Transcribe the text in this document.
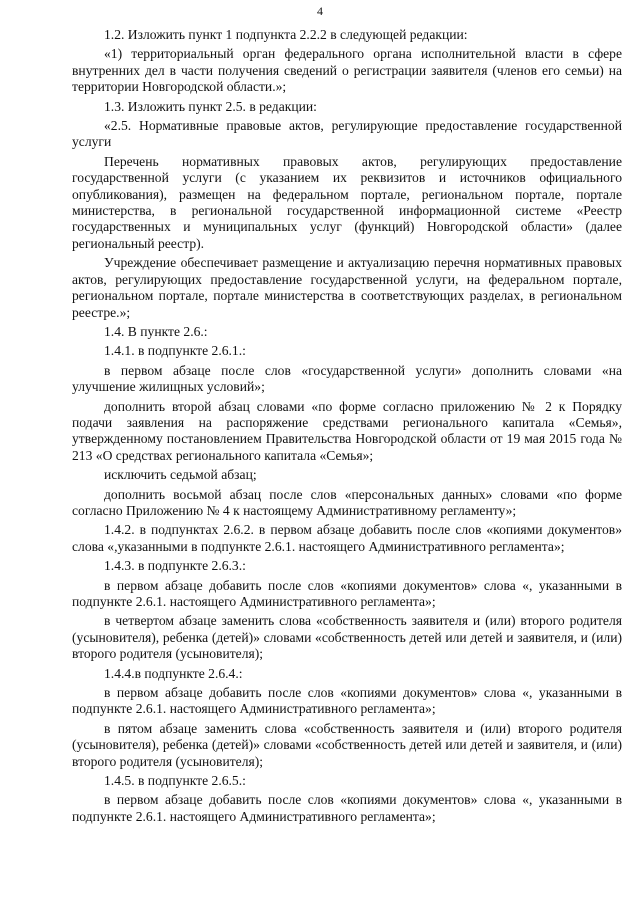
4

1.2. Изложить пункт 1 подпункта 2.2.2 в следующей редакции:

«1) территориальный орган федерального органа исполнительной власти в сфере внутренних дел в части получения сведений о регистрации заявителя (членов его семьи) на территории Новгородской области.»;

1.3. Изложить пункт 2.5. в редакции:

«2.5. Нормативные правовые актов, регулирующие предоставление государственной услуги

Перечень нормативных правовых актов, регулирующих предоставление государственной услуги (с указанием их реквизитов и источников официального опубликования), размещен на федеральном портале, региональном портале, портале министерства, в региональной государственной информационной системе «Реестр государственных и муниципальных услуг (функций) Новгородской области» (далее региональный реестр).

Учреждение обеспечивает размещение и актуализацию перечня нормативных правовых актов, регулирующих предоставление государственной услуги, на федеральном портале, региональном портале, портале министерства в соответствующих разделах, в региональном реестре.»;

1.4. В пункте 2.6.:

1.4.1. в подпункте 2.6.1.:

в первом абзаце после слов «государственной услуги» дополнить словами «на улучшение жилищных условий»;

дополнить второй абзац словами «по форме согласно приложению № 2 к Порядку подачи заявления на распоряжение средствами регионального капитала «Семья», утвержденному постановлением Правительства Новгородской области от 19 мая 2015 года № 213 «О средствах регионального капитала «Семья»;

исключить седьмой абзац;

дополнить восьмой абзац после слов «персональных данных» словами «по форме согласно Приложению № 4 к настоящему Административному регламенту»;

1.4.2. в подпунктах 2.6.2. в первом абзаце добавить после слов «копиями документов» слова «,указанными в подпункте 2.6.1. настоящего Административного регламента»;

1.4.3. в подпункте 2.6.3.:

в первом абзаце добавить после слов «копиями документов» слова «, указанными в подпункте 2.6.1. настоящего Административного регламента»;

в четвертом абзаце заменить слова «собственность заявителя и (или) второго родителя (усыновителя), ребенка (детей)» словами «собственность детей или детей и заявителя, и (или) второго родителя (усыновителя);

1.4.4.в подпункте 2.6.4.:

в первом абзаце добавить после слов «копиями документов» слова «, указанными в подпункте 2.6.1. настоящего Административного регламента»;

в пятом абзаце заменить слова «собственность заявителя и (или) второго родителя (усыновителя), ребенка (детей)» словами «собственность детей или детей и заявителя, и (или) второго родителя (усыновителя);

1.4.5. в подпункте 2.6.5.:

в первом абзаце добавить после слов «копиями документов» слова «, указанными в подпункте 2.6.1. настоящего Административного регламента»;
